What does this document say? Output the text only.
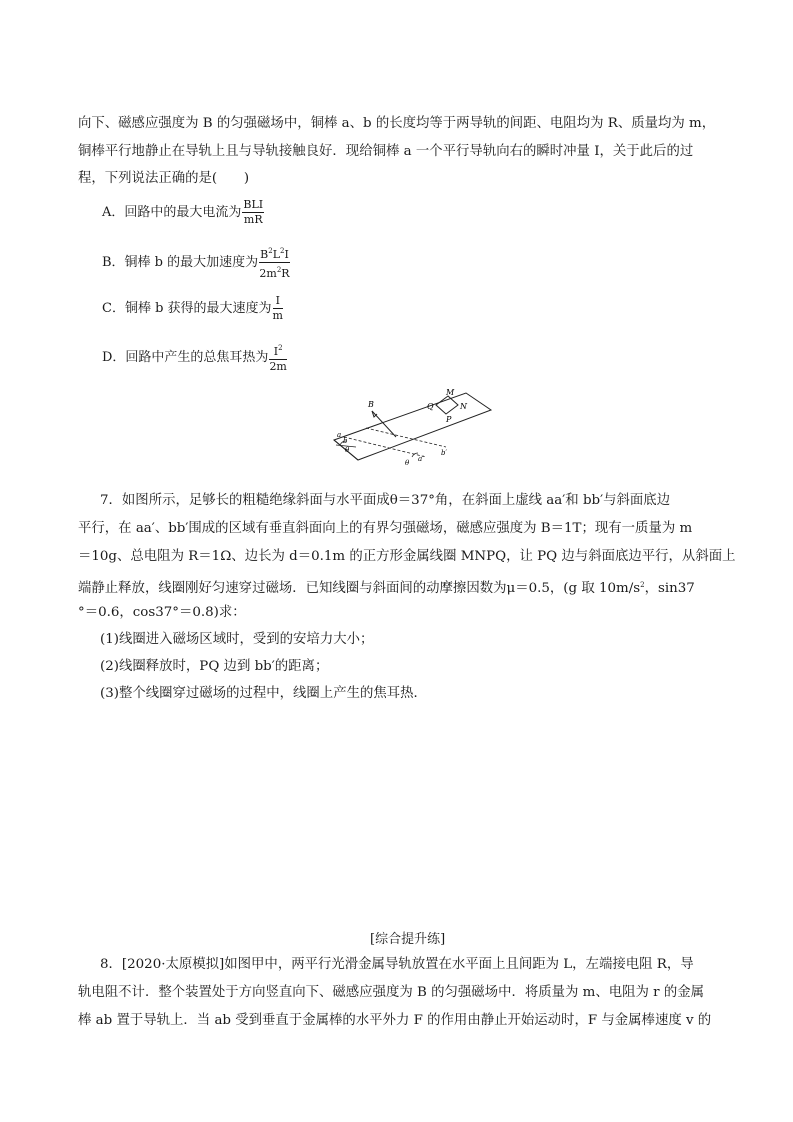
向下、磁感应强度为 B 的匀强磁场中，铜棒 a、b 的长度均等于两导轨的间距、电阻均为 R、质量均为 m，
铜棒平行地静止在导轨上且与导轨接触良好．现给铜棒 a 一个平行导轨向右的瞬时冲量 I，关于此后的过
程，下列说法正确的是(　　)
A．回路中的最大电流为 $\frac{\text{BLI}}{mR}$
B．铜棒 b 的最大加速度为 $\frac{B^2L^2I}{2m^2R}$
C．铜棒 b 获得的最大速度为 $\frac{I}{m}$
D．回路中产生的总焦耳热为 $\frac{I^2}{2m}$
M
N
P
Q
B
a
b
θ
θ a′
b′
7．如图所示，足够长的粗糙绝缘斜面与水平面成θ＝37°角，在斜面上虚线 aa′和 bb′与斜面底边
平行，在 aa′、bb′围成的区域有垂直斜面向上的有界匀强磁场，磁感应强度为 B＝1T；现有一质量为 m
＝10g、总电阻为 R＝1Ω、边长为 d＝0.1m 的正方形金属线圈 MNPQ，让 PQ 边与斜面底边平行，从斜面上
端静止释放，线圈刚好匀速穿过磁场．已知线圈与斜面间的动摩擦因数为μ＝0.5，(g 取 $10m/s^2$，sin37
°＝0.6，cos37°＝0.8)求：
(1)线圈进入磁场区域时，受到的安培力大小；
(2)线圈释放时，PQ 边到 bb′的距离；
(3)整个线圈穿过磁场的过程中，线圈上产生的焦耳热．
[综合提升练]
8．[2020·太原模拟]如图甲中，两平行光滑金属导轨放置在水平面上且间距为 L，左端接电阻 R，导
轨电阻不计．整个装置处于方向竖直向下、磁感应强度为 B 的匀强磁场中．将质量为 m、电阻为 r 的金属
棒 ab 置于导轨上．当 ab 受到垂直于金属棒的水平外力 F 的作用由静止开始运动时，F 与金属棒速度 v 的
